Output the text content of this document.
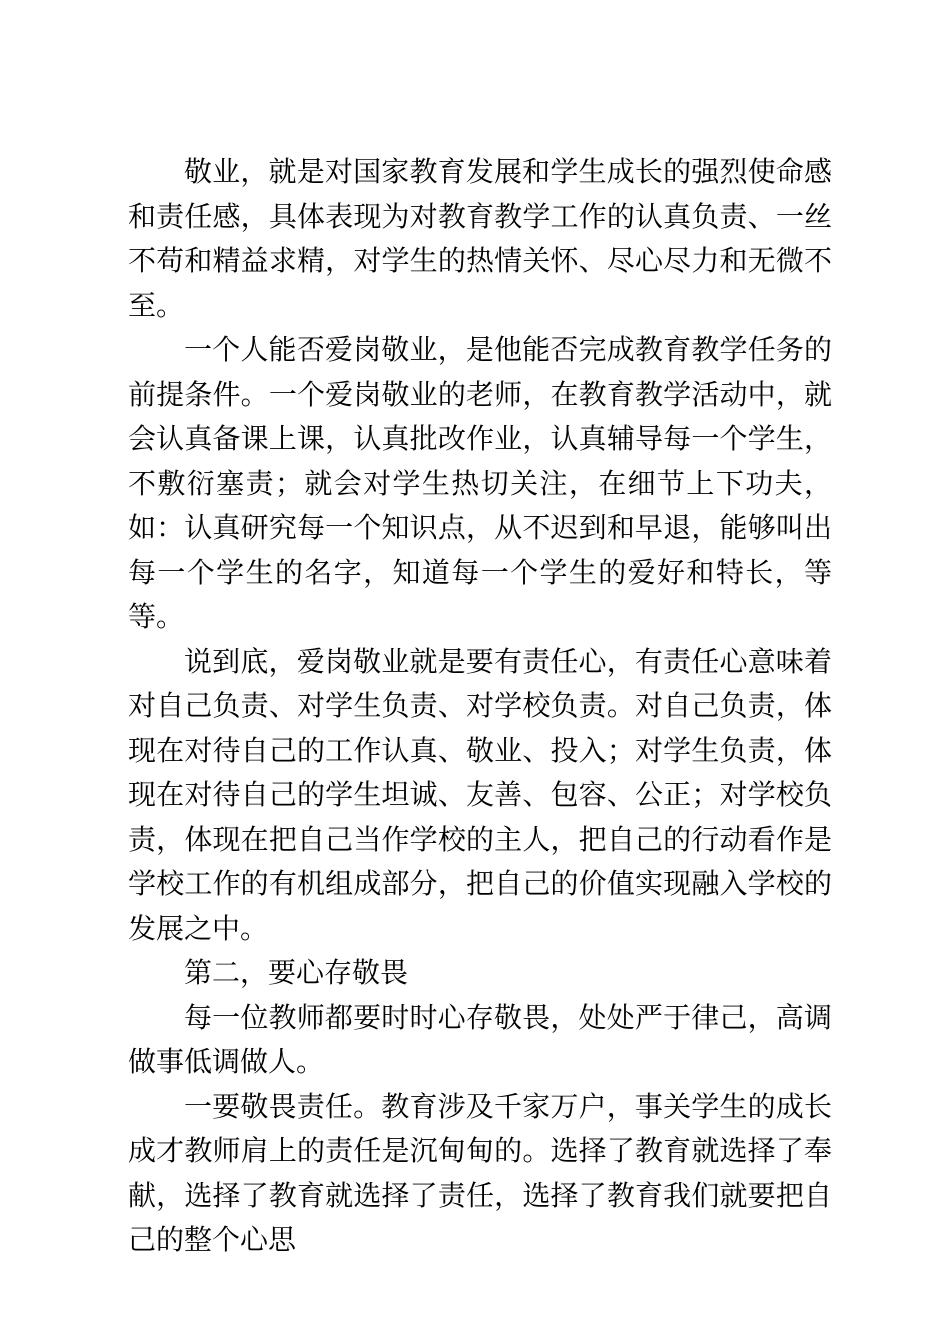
敬业，就是对国家教育发展和学生成长的强烈使命感和责任感，具体表现为对教育教学工作的认真负责、一丝不苟和精益求精，对学生的热情关怀、尽心尽力和无微不至。

一个人能否爱岗敬业，是他能否完成教育教学任务的前提条件。一个爱岗敬业的老师，在教育教学活动中，就会认真备课上课，认真批改作业，认真辅导每一个学生，不敷衍塞责；就会对学生热切关注，在细节上下功夫，如：认真研究每一个知识点，从不迟到和早退，能够叫出每一个学生的名字，知道每一个学生的爱好和特长，等等。

说到底，爱岗敬业就是要有责任心，有责任心意味着对自己负责、对学生负责、对学校负责。对自己负责，体现在对待自己的工作认真、敬业、投入；对学生负责，体现在对待自己的学生坦诚、友善、包容、公正；对学校负责，体现在把自己当作学校的主人，把自己的行动看作是学校工作的有机组成部分，把自己的价值实现融入学校的发展之中。

第二，要心存敬畏

每一位教师都要时时心存敬畏，处处严于律己，高调做事低调做人。

一要敬畏责任。教育涉及千家万户，事关学生的成长成才教师肩上的责任是沉甸甸的。选择了教育就选择了奉献，选择了教育就选择了责任，选择了教育我们就要把自己的整个心思
